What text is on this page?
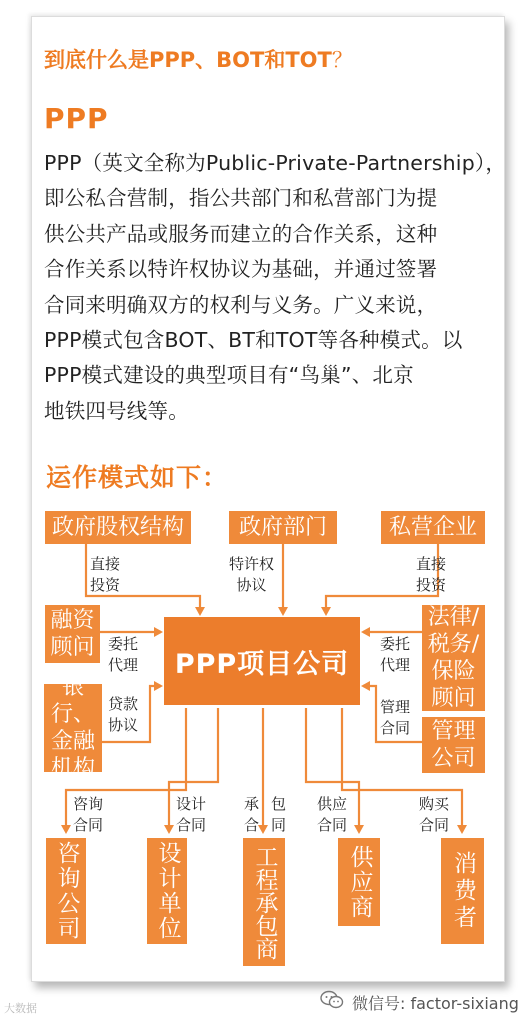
到底什么是PPP、BOT和TOT？
PPP
PPP（英文全称为Public-Private-Partnership），
即公私合营制，指公共部门和私营部门为提
供公共产品或服务而建立的合作关系，这种
合作关系以特许权协议为基础，并通过签署
合同来明确双方的权利与义务。广义来说，
PPP模式包含BOT、BT和TOT等各种模式。以
PPP模式建设的典型项目有“鸟巢”、北京
地铁四号线等。
运作模式如下：
政府股权结构	政府部门	私营企业
直接
投资
特许权
协议
直接
投资
融资
顾问
银行、
金融
机构
委托
代理
贷款
协议
PPP项目公司
法律/
税务/
保险
顾问
管理
公司
委托
代理
管理
合同
咨询
合同
设计
合同
承 包
合 同
供应
合同
购买
合同
咨询公司	设计单位	工程承包商	供应商	消费者
大数据	微信号: factor-sixiang
